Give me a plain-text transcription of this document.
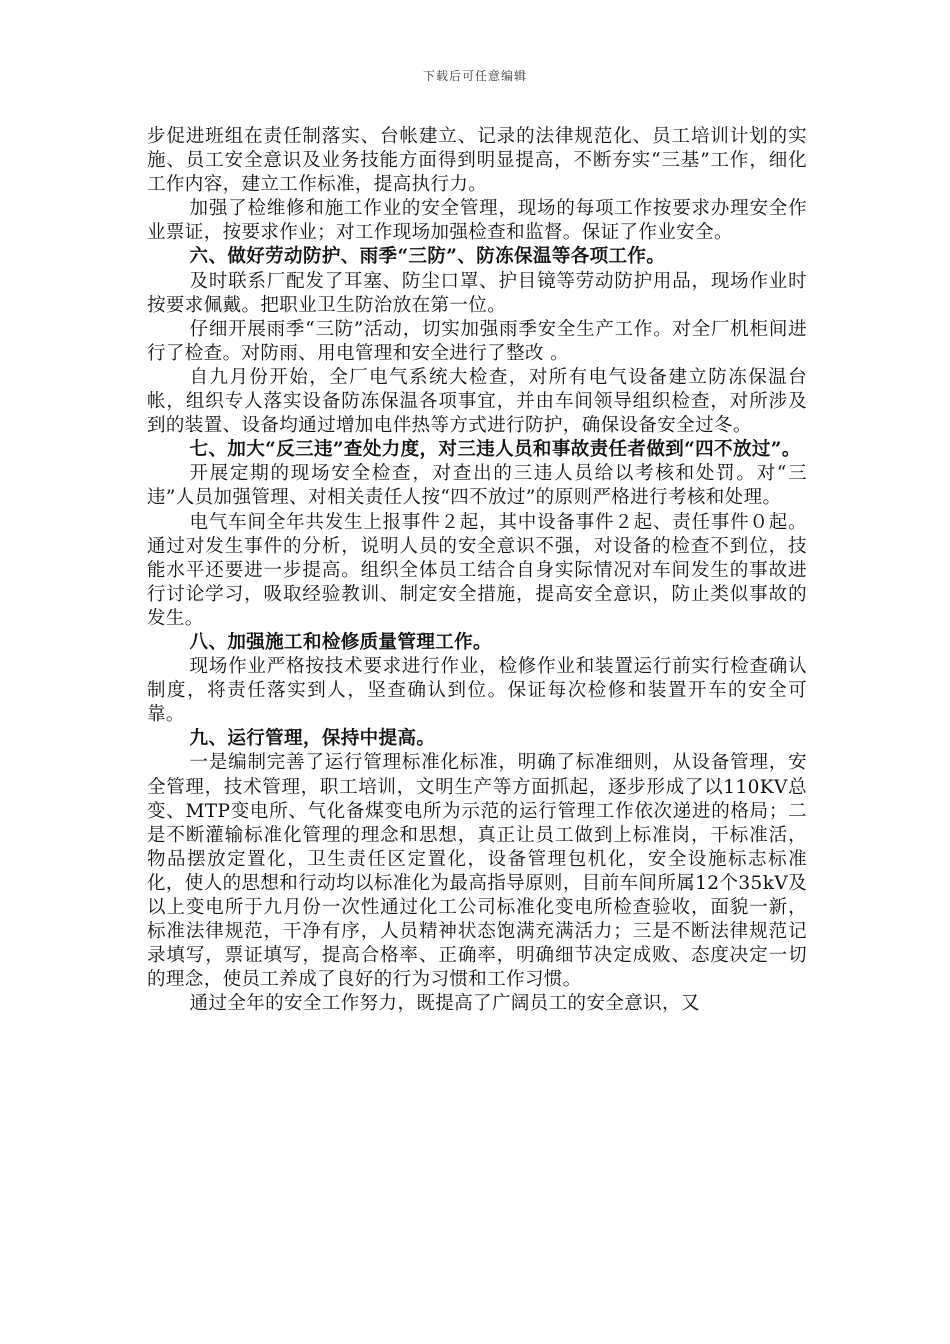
下载后可任意编辑

步促进班组在责任制落实、台帐建立、记录的法律规范化、员工培训计划的实施、员工安全意识及业务技能方面得到明显提高，不断夯实“三基”工作，细化工作内容，建立工作标准，提高执行力。

加强了检维修和施工作业的安全管理，现场的每项工作按要求办理安全作业票证，按要求作业；对工作现场加强检查和监督。保证了作业安全。

六、做好劳动防护、雨季“三防”、防冻保温等各项工作。

及时联系厂配发了耳塞、防尘口罩、护目镜等劳动防护用品，现场作业时按要求佩戴。把职业卫生防治放在第一位。

仔细开展雨季“三防”活动，切实加强雨季安全生产工作。对全厂机柜间进行了检查。对防雨、用电管理和安全进行了整改 。

自九月份开始，全厂电气系统大检查，对所有电气设备建立防冻保温台帐，组织专人落实设备防冻保温各项事宜，并由车间领导组织检查，对所涉及到的装置、设备均通过增加电伴热等方式进行防护，确保设备安全过冬。

七、加大“反三违”查处力度，对三违人员和事故责任者做到“四不放过”。

开展定期的现场安全检查，对查出的三违人员给以考核和处罚。对“三违”人员加强管理、对相关责任人按“四不放过”的原则严格进行考核和处理。

电气车间全年共发生上报事件２起，其中设备事件２起、责任事件０起。通过对发生事件的分析，说明人员的安全意识不强，对设备的检查不到位，技能水平还要进一步提高。组织全体员工结合自身实际情况对车间发生的事故进行讨论学习，吸取经验教训、制定安全措施，提高安全意识，防止类似事故的发生。

八、加强施工和检修质量管理工作。

现场作业严格按技术要求进行作业，检修作业和装置运行前实行检查确认制度，将责任落实到人，坚查确认到位。保证每次检修和装置开车的安全可靠。

九、运行管理，保持中提高。

一是编制完善了运行管理标准化标准，明确了标准细则，从设备管理，安全管理，技术管理，职工培训，文明生产等方面抓起，逐步形成了以110KV总变、MTP变电所、气化备煤变电所为示范的运行管理工作依次递进的格局；二是不断灌输标准化管理的理念和思想，真正让员工做到上标准岗，干标准活，物品摆放定置化，卫生责任区定置化，设备管理包机化，安全设施标志标准化，使人的思想和行动均以标准化为最高指导原则，目前车间所属12个35kV及以上变电所于九月份一次性通过化工公司标准化变电所检查验收，面貌一新，标准法律规范，干净有序，人员精神状态饱满充满活力；三是不断法律规范记录填写，票证填写，提高合格率、正确率，明确细节决定成败、态度决定一切的理念，使员工养成了良好的行为习惯和工作习惯。

通过全年的安全工作努力，既提高了广阔员工的安全意识，又
